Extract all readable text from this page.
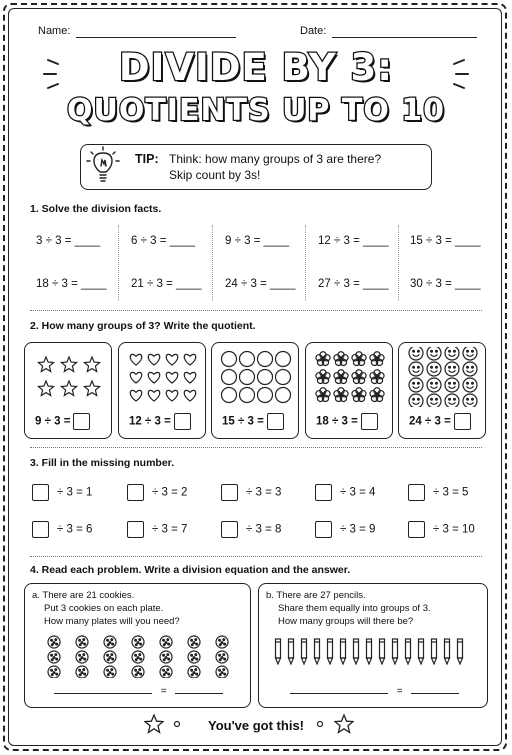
Name:	Date:
DIVIDE BY 3:
QUOTIENTS UP TO 10
TIP: Think: how many groups of 3 are there?
Skip count by 3s!
1. Solve the division facts.
3 ÷ 3 = ____	6 ÷ 3 = ____	9 ÷ 3 = ____	12 ÷ 3 = ____ 15 ÷ 3 = ____
18 ÷ 3 = ____ 21 ÷ 3 = ____ 24 ÷ 3 = ____ 27 ÷ 3 = ____ 30 ÷ 3 = ____
2. How many groups of 3? Write the quotient.
9 ÷ 3 =	12 ÷ 3 =	15 ÷ 3 =	18 ÷ 3 =	24 ÷ 3 =
3. Fill in the missing number.
÷ 3 = 1	÷ 3 = 2	÷ 3 = 3	÷ 3 = 4	÷ 3 = 5
÷ 3 = 6	÷ 3 = 7	÷ 3 = 8	÷ 3 = 9	÷ 3 = 10
4. Read each problem. Write a division equation and the answer.
a. There are 21 cookies.
Put 3 cookies on each plate.
How many plates will you need?
=
b. There are 27 pencils.
Share them equally into groups of 3.
How many groups will there be?
=
You've got this!
